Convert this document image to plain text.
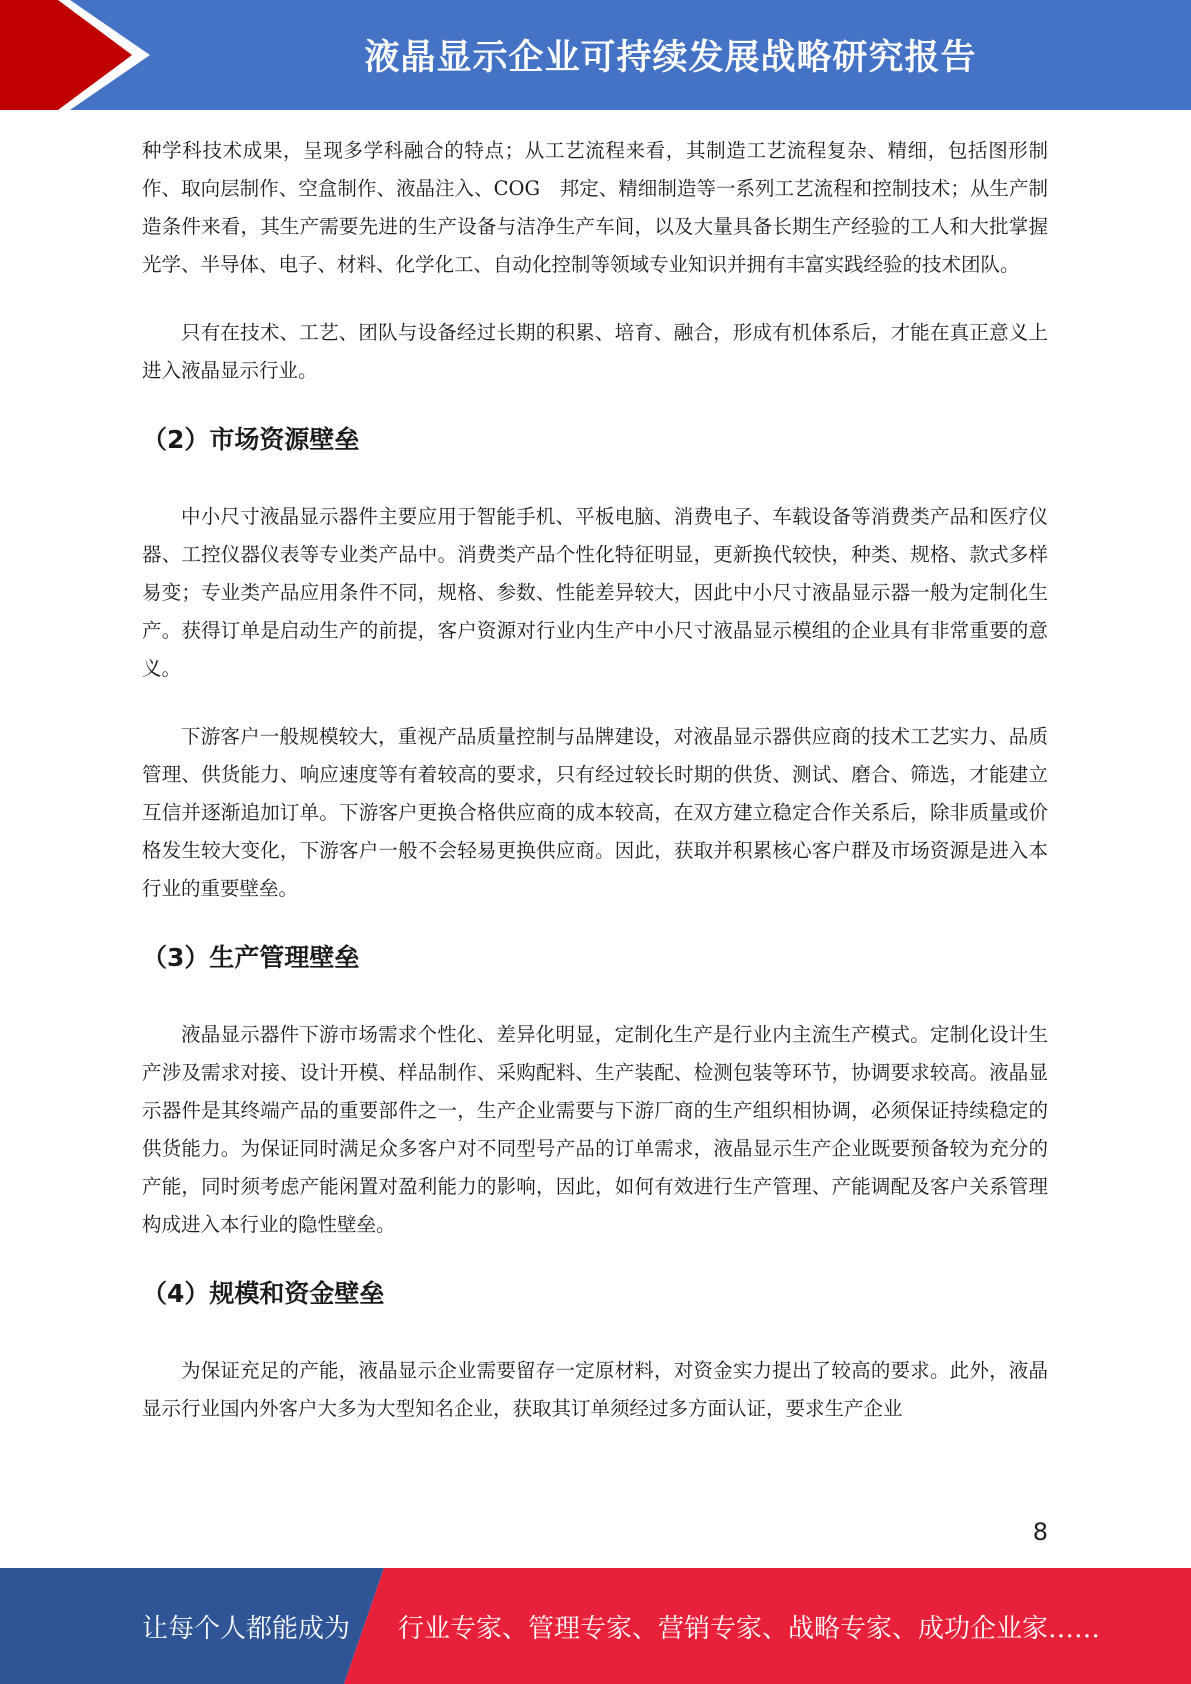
液晶显示企业可持续发展战略研究报告

种学科技术成果，呈现多学科融合的特点；从工艺流程来看，其制造工艺流程复杂、精细，包括图形制作、取向层制作、空盒制作、液晶注入、COG　邦定、精细制造等一系列工艺流程和控制技术；从生产制造条件来看，其生产需要先进的生产设备与洁净生产车间，以及大量具备长期生产经验的工人和大批掌握光学、半导体、电子、材料、化学化工、自动化控制等领域专业知识并拥有丰富实践经验的技术团队。

只有在技术、工艺、团队与设备经过长期的积累、培育、融合，形成有机体系后，才能在真正意义上进入液晶显示行业。

（2）市场资源壁垒

中小尺寸液晶显示器件主要应用于智能手机、平板电脑、消费电子、车载设备等消费类产品和医疗仪器、工控仪器仪表等专业类产品中。消费类产品个性化特征明显，更新换代较快，种类、规格、款式多样易变；专业类产品应用条件不同，规格、参数、性能差异较大，因此中小尺寸液晶显示器一般为定制化生产。获得订单是启动生产的前提，客户资源对行业内生产中小尺寸液晶显示模组的企业具有非常重要的意义。

下游客户一般规模较大，重视产品质量控制与品牌建设，对液晶显示器供应商的技术工艺实力、品质管理、供货能力、响应速度等有着较高的要求，只有经过较长时期的供货、测试、磨合、筛选，才能建立互信并逐渐追加订单。下游客户更换合格供应商的成本较高，在双方建立稳定合作关系后，除非质量或价格发生较大变化，下游客户一般不会轻易更换供应商。因此，获取并积累核心客户群及市场资源是进入本行业的重要壁垒。

（3）生产管理壁垒

液晶显示器件下游市场需求个性化、差异化明显，定制化生产是行业内主流生产模式。定制化设计生产涉及需求对接、设计开模、样品制作、采购配料、生产装配、检测包装等环节，协调要求较高。液晶显示器件是其终端产品的重要部件之一，生产企业需要与下游厂商的生产组织相协调，必须保证持续稳定的供货能力。为保证同时满足众多客户对不同型号产品的订单需求，液晶显示生产企业既要预备较为充分的产能，同时须考虑产能闲置对盈利能力的影响，因此，如何有效进行生产管理、产能调配及客户关系管理构成进入本行业的隐性壁垒。

（4）规模和资金壁垒

为保证充足的产能，液晶显示企业需要留存一定原材料，对资金实力提出了较高的要求。此外，液晶显示行业国内外客户大多为大型知名企业，获取其订单须经过多方面认证，要求生产企业

8
让每个人都能成为 行业专家、管理专家、营销专家、战略专家、成功企业家……
